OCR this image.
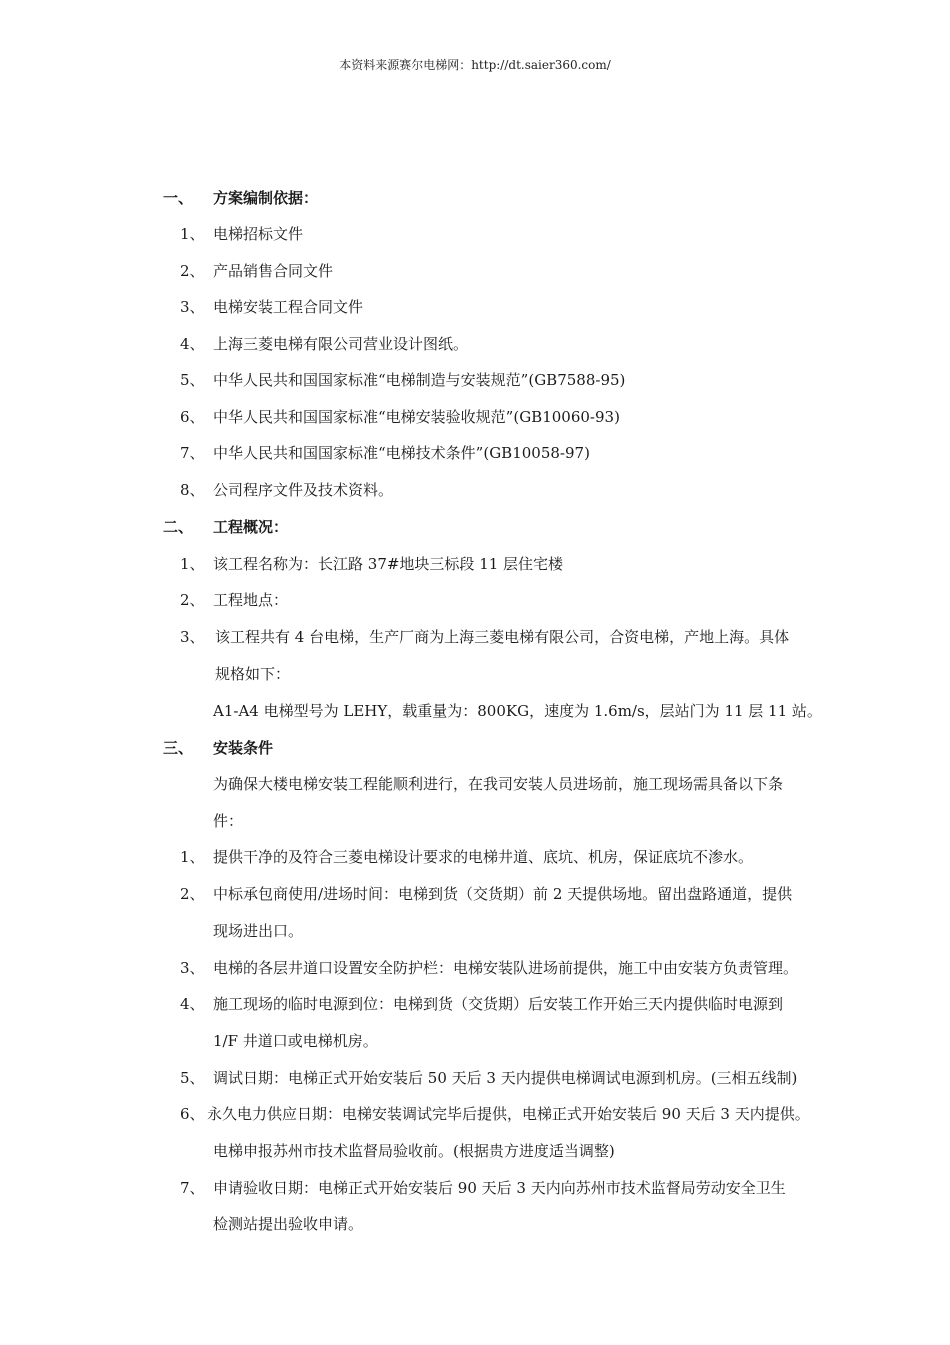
本资料来源赛尔电梯网：http://dt.saier360.com/
一、 方案编制依据：
1、 电梯招标文件
2、 产品销售合同文件
3、 电梯安装工程合同文件
4、 上海三菱电梯有限公司营业设计图纸。
5、 中华人民共和国国家标准“电梯制造与安装规范”(GB7588-95)
6、 中华人民共和国国家标准“电梯安装验收规范”(GB10060-93)
7、 中华人民共和国国家标准“电梯技术条件”(GB10058-97)
8、 公司程序文件及技术资料。
二、 工程概况：
1、 该工程名称为：长江路 37#地块三标段 11 层住宅楼
2、 工程地点：
3、 该工程共有 4 台电梯，生产厂商为上海三菱电梯有限公司，合资电梯，产地上海。具体
规格如下：
A1-A4 电梯型号为 LEHY，载重量为：800KG，速度为 1.6m/s，层站门为 11 层 11 站。
三、 安装条件
为确保大楼电梯安装工程能顺利进行，在我司安装人员进场前，施工现场需具备以下条
件：
1、 提供干净的及符合三菱电梯设计要求的电梯井道、底坑、机房，保证底坑不渗水。
2、 中标承包商使用/进场时间：电梯到货（交货期）前 2 天提供场地。留出盘路通道，提供
现场进出口。
3、 电梯的各层井道口设置安全防护栏：电梯安装队进场前提供，施工中由安装方负责管理。
4、 施工现场的临时电源到位：电梯到货（交货期）后安装工作开始三天内提供临时电源到
1/F 井道口或电梯机房。
5、 调试日期：电梯正式开始安装后 50 天后 3 天内提供电梯调试电源到机房。(三相五线制)
6、 永久电力供应日期：电梯安装调试完毕后提供，电梯正式开始安装后 90 天后 3 天内提供。
电梯申报苏州市技术监督局验收前。(根据贵方进度适当调整)
7、 申请验收日期：电梯正式开始安装后 90 天后 3 天内向苏州市技术监督局劳动安全卫生
检测站提出验收申请。
